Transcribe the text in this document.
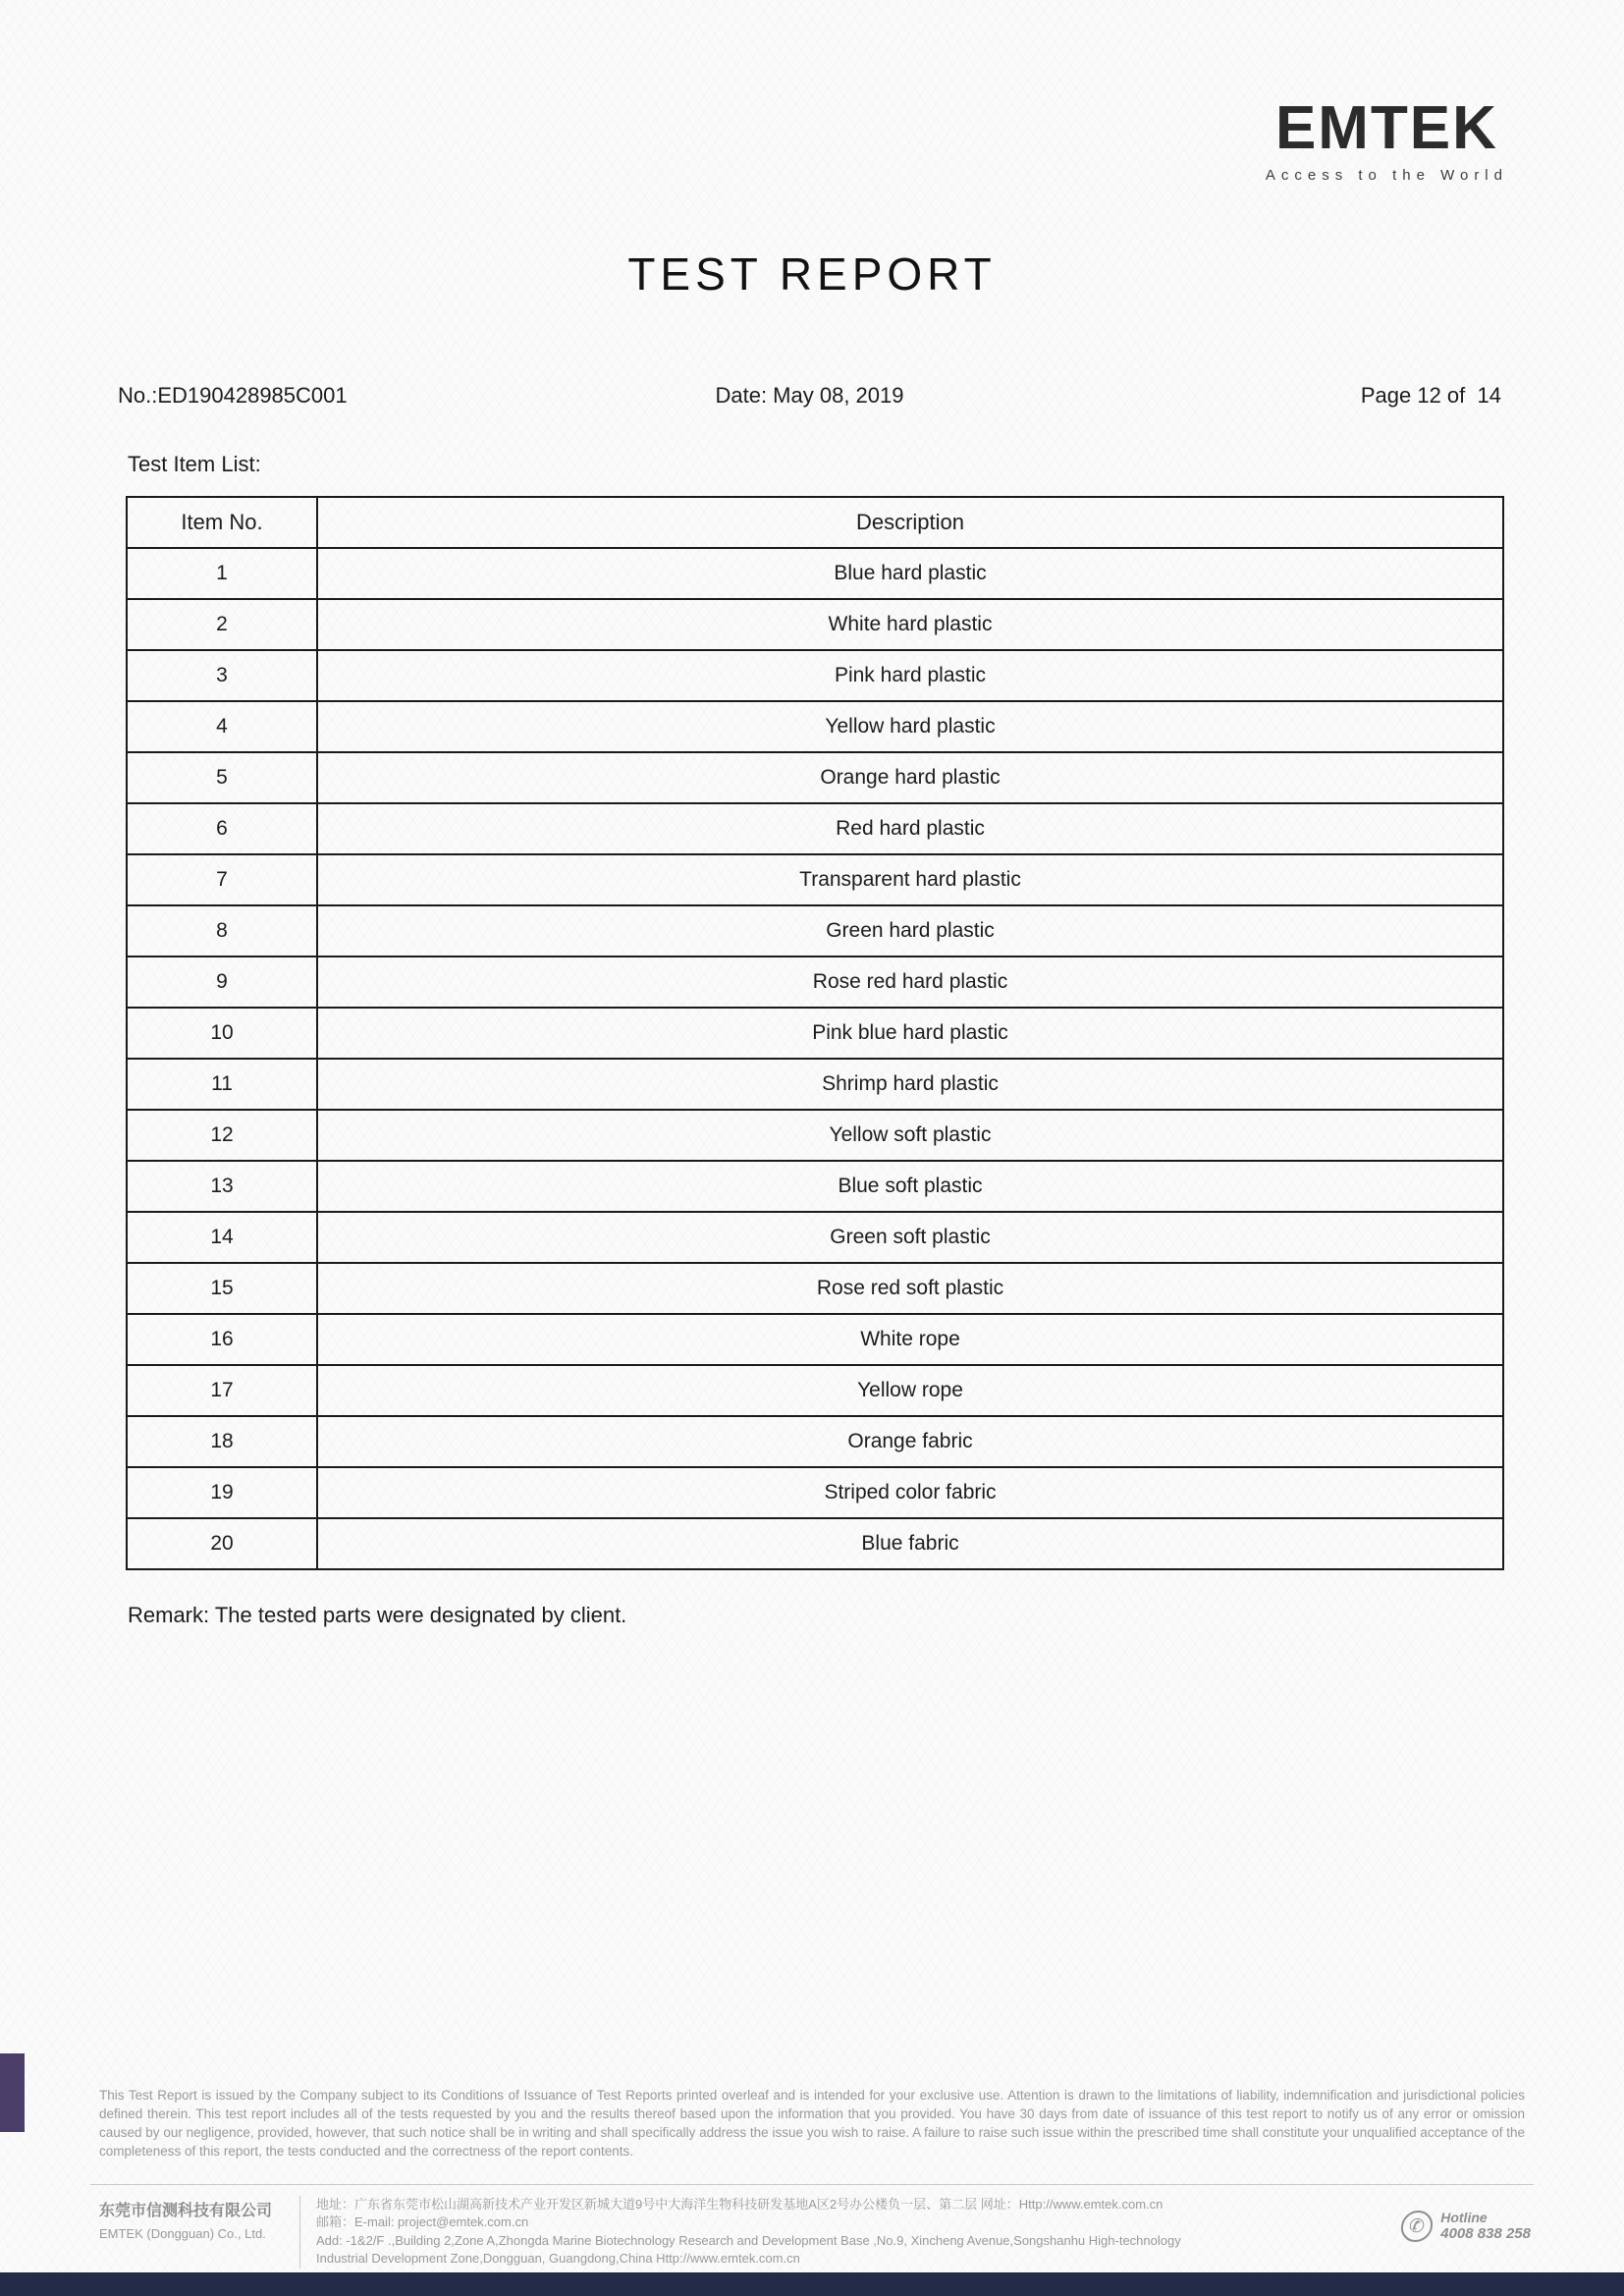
EMTEK
Access to the World
TEST REPORT
No.:ED190428985C001	Date: May 08, 2019	Page 12 of  14
Test Item List:
Item No.	Description
1	Blue hard plastic
2	White hard plastic
3	Pink hard plastic
4	Yellow hard plastic
5	Orange hard plastic
6	Red hard plastic
7	Transparent hard plastic
8	Green hard plastic
9	Rose red hard plastic
10	Pink blue hard plastic
11	Shrimp hard plastic
12	Yellow soft plastic
13	Blue soft plastic
14	Green soft plastic
15	Rose red soft plastic
16	White rope
17	Yellow rope
18	Orange fabric
19	Striped color fabric
20	Blue fabric
Remark: The tested parts were designated by client.
This Test Report is issued by the Company subject to its Conditions of Issuance of Test Reports printed overleaf and is intended for your exclusive use. Attention is drawn to the limitations of liability, indemnification and jurisdictional policies defined therein. This test report includes all of the tests requested by you and the results thereof based upon the information that you provided. You have 30 days from date of issuance of this test report to notify us of any error or omission caused by our negligence, provided, however, that such notice shall be in writing and shall specifically address the issue you wish to raise. A failure to raise such issue within the prescribed time shall constitute your unqualified acceptance of the completeness of this report, the tests conducted and the correctness of the report contents.
东莞市信测科技有限公司
EMTEK (Dongguan) Co., Ltd.
地址：广东省东莞市松山湖高新技术产业开发区新城大道9号中大海洋生物科技研发基地A区2号办公楼负一层、第二层 网址：Http://www.emtek.com.cn
邮箱：E-mail: project@emtek.com.cn
Add: -1&2/F .,Building 2,Zone A,Zhongda Marine Biotechnology Research and Development Base ,No.9, Xincheng Avenue,Songshanhu High-technology
Industrial Development Zone,Dongguan, Guangdong,China Http://www.emtek.com.cn
✆	Hotline
4008 838 258
